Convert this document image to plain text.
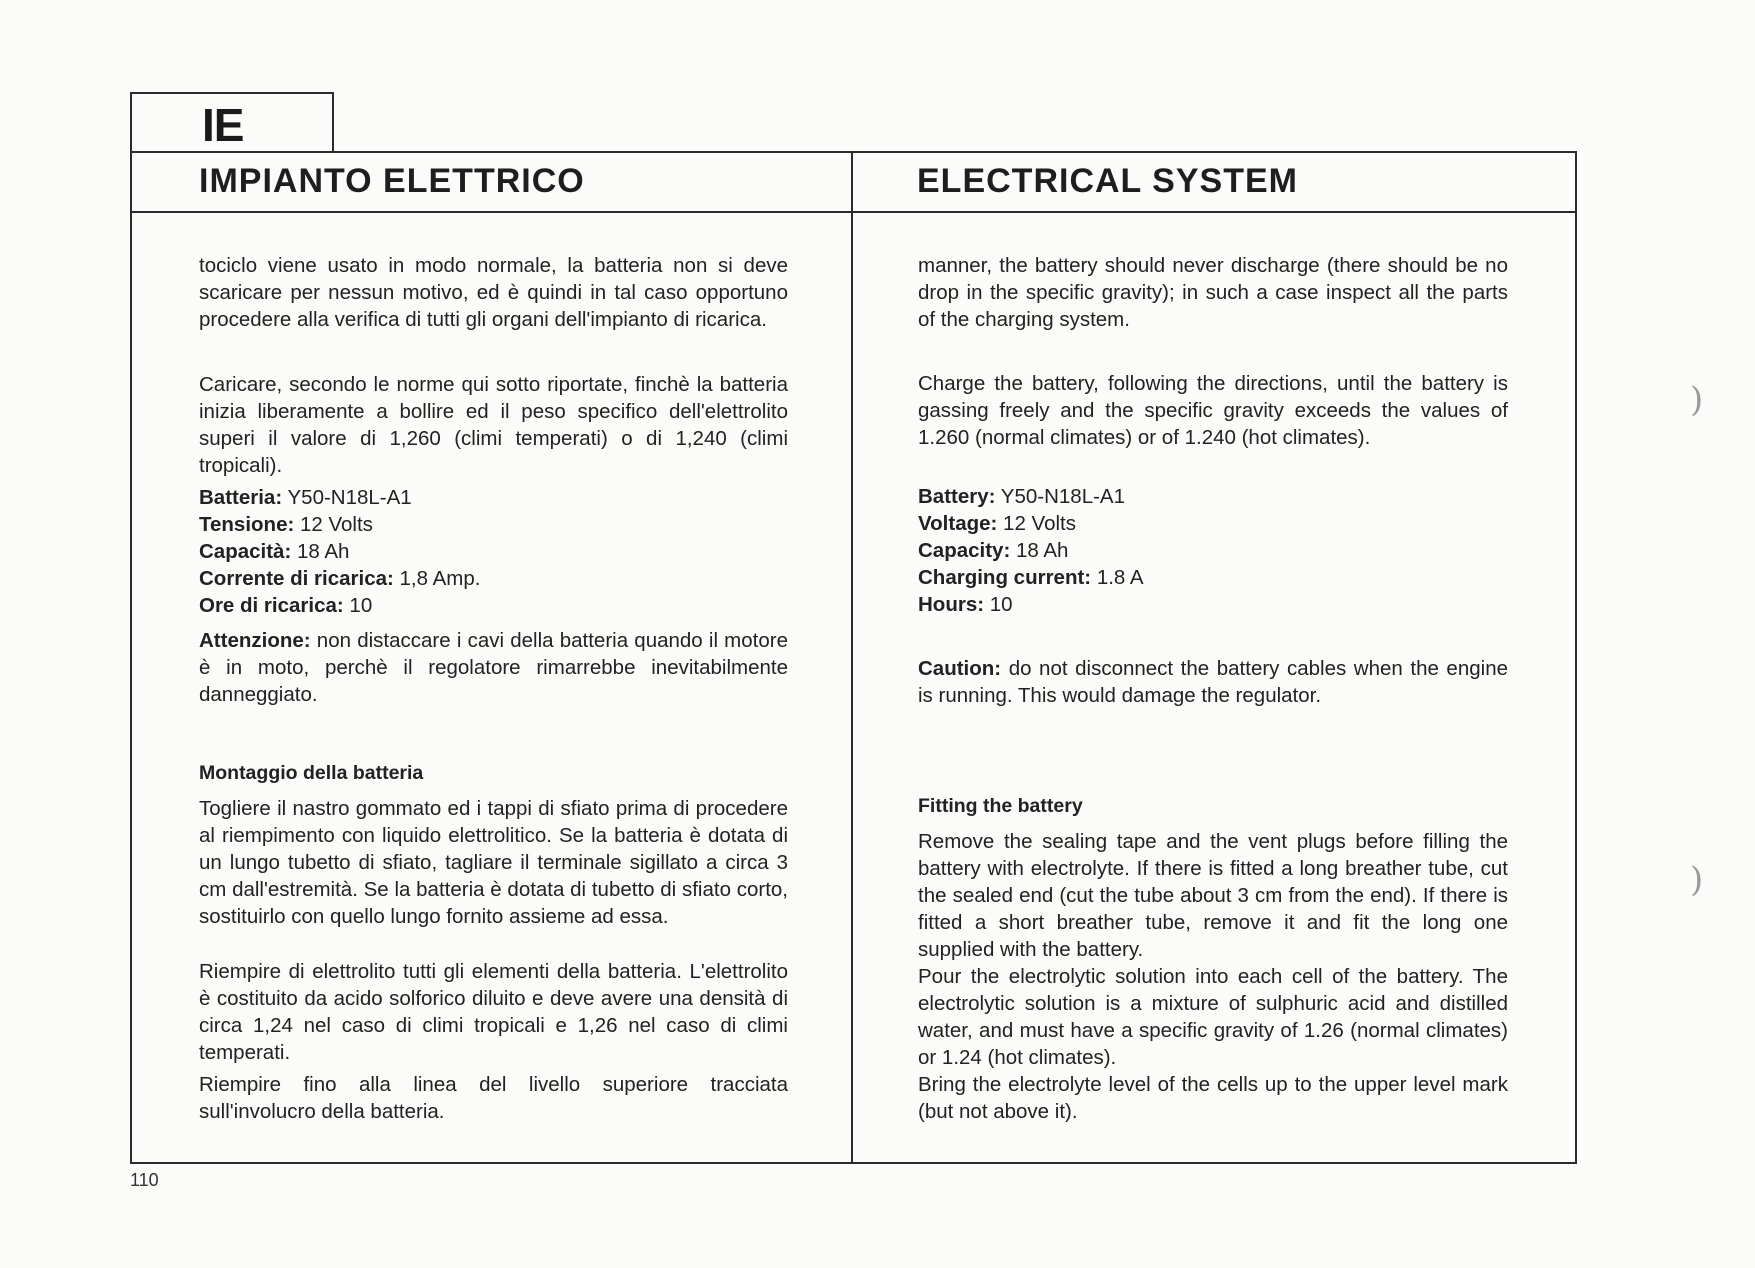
IE
IMPIANTO ELETTRICO	ELECTRICAL SYSTEM

tociclo viene usato in modo normale, la batteria non si deve scaricare per nessun motivo, ed è quindi in tal caso opportuno procedere alla verifica di tutti gli organi dell'impianto di ricarica.

Caricare, secondo le norme qui sotto riportate, finchè la batteria inizia liberamente a bollire ed il peso specifico dell'elettrolito superi il valore di 1,260 (climi temperati) o di 1,240 (climi tropicali).

Batteria: Y50-N18L-A1

Tensione: 12 Volts

Capacità: 18 Ah

Corrente di ricarica: 1,8 Amp.

Ore di ricarica: 10

Attenzione: non distaccare i cavi della batteria quando il motore è in moto, perchè il regolatore rimarrebbe inevitabilmente danneggiato.

Montaggio della batteria

Togliere il nastro gommato ed i tappi di sfiato prima di procedere al riempimento con liquido elettrolitico. Se la batteria è dotata di un lungo tubetto di sfiato, tagliare il terminale sigillato a circa 3 cm dall'estremità. Se la batteria è dotata di tubetto di sfiato corto, sostituirlo con quello lungo fornito assieme ad essa.

Riempire di elettrolito tutti gli elementi della batteria. L'elettrolito è costituito da acido solforico diluito e deve avere una densità di circa 1,24 nel caso di climi tropicali e 1,26 nel caso di climi temperati.

Riempire fino alla linea del livello superiore tracciata sull'involucro della batteria.

manner, the battery should never discharge (there should be no drop in the specific gravity); in such a case inspect all the parts of the charging system.

Charge the battery, following the directions, until the battery is gassing freely and the specific gravity exceeds the values of 1.260 (normal climates) or of 1.240 (hot climates).

Battery: Y50-N18L-A1

Voltage: 12 Volts

Capacity: 18 Ah

Charging current: 1.8 A

Hours: 10

Caution: do not disconnect the battery cables when the engine is running. This would damage the regulator.

Fitting the battery

Remove the sealing tape and the vent plugs before filling the battery with electrolyte. If there is fitted a long breather tube, cut the sealed end (cut the tube about 3 cm from the end). If there is fitted a short breather tube, remove it and fit the long one supplied with the battery.

Pour the electrolytic solution into each cell of the battery. The electrolytic solution is a mixture of sulphuric acid and distilled water, and must have a specific gravity of 1.26 (normal climates) or 1.24 (hot climates).

Bring the electrolyte level of the cells up to the upper level mark (but not above it).

110
)
)
